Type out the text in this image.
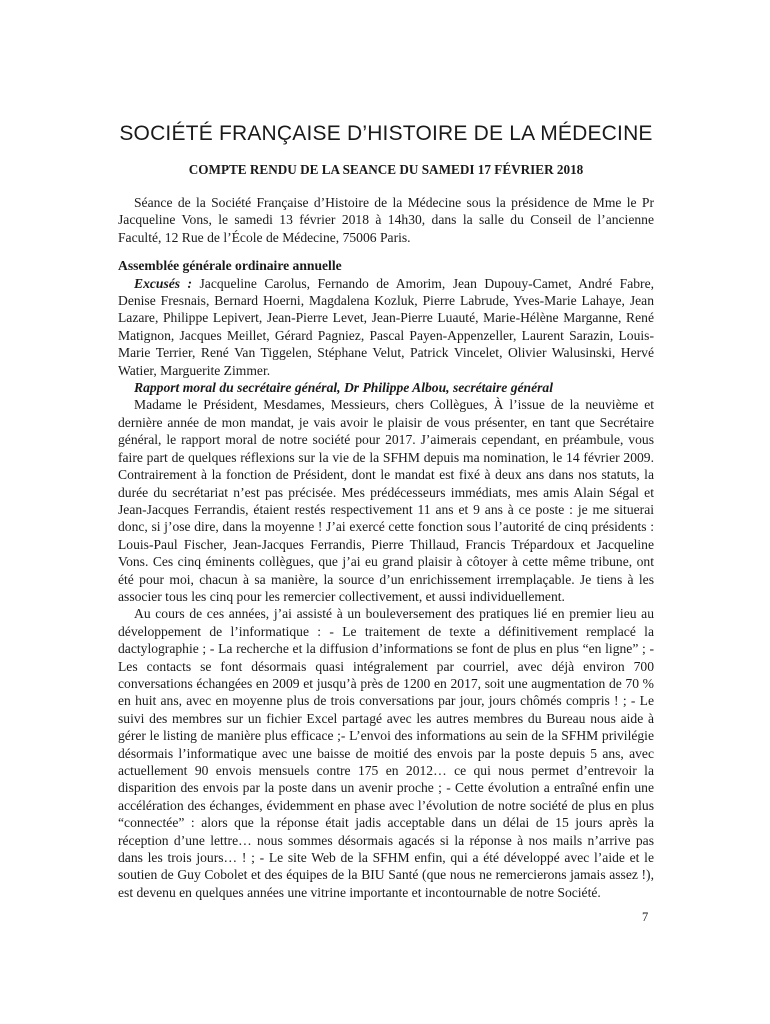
SOCIÉTÉ FRANÇAISE D’HISTOIRE DE LA MÉDECINE
COMPTE RENDU DE LA SEANCE DU SAMEDI 17 FÉVRIER 2018

Séance de la Société Française d’Histoire de la Médecine sous la présidence de Mme le Pr Jacqueline Vons, le samedi 13 février 2018 à 14h30, dans la salle du Conseil de l’ancienne Faculté, 12 Rue de l’École de Médecine, 75006 Paris.

Assemblée générale ordinaire annuelle

Excusés : Jacqueline Carolus, Fernando de Amorim, Jean Dupouy-Camet, André Fabre, Denise Fresnais, Bernard Hoerni, Magdalena Kozluk, Pierre Labrude, Yves-Marie Lahaye, Jean Lazare, Philippe Lepivert, Jean-Pierre Levet, Jean-Pierre Luauté, Marie-Hélène Marganne, René Matignon, Jacques Meillet, Gérard Pagniez, Pascal Payen-Appenzeller, Laurent Sarazin, Louis-Marie Terrier, René Van Tiggelen, Stéphane Velut, Patrick Vincelet, Olivier Walusinski, Hervé Watier, Marguerite Zimmer.

Rapport moral du secrétaire général, Dr Philippe Albou, secrétaire général

Madame le Président, Mesdames, Messieurs, chers Collègues, À l’issue de la neuvième et dernière année de mon mandat, je vais avoir le plaisir de vous présenter, en tant que Secrétaire général, le rapport moral de notre société pour 2017. J’aimerais cependant, en préambule, vous faire part de quelques réflexions sur la vie de la SFHM depuis ma nomination, le 14 février 2009. Contrairement à la fonction de Président, dont le mandat est fixé à deux ans dans nos statuts, la durée du secrétariat n’est pas précisée. Mes prédécesseurs immédiats, mes amis Alain Ségal et Jean-Jacques Ferrandis, étaient restés respectivement 11 ans et 9 ans à ce poste : je me situerai donc, si j’ose dire, dans la moyenne ! J’ai exercé cette fonction sous l’autorité de cinq présidents : Louis-Paul Fischer, Jean-Jacques Ferrandis, Pierre Thillaud, Francis Trépardoux et Jacqueline Vons. Ces cinq éminents collègues, que j’ai eu grand plaisir à côtoyer à cette même tribune, ont été pour moi, chacun à sa manière, la source d’un enrichissement irremplaçable. Je tiens à les associer tous les cinq pour les remercier collectivement, et aussi individuellement.

Au cours de ces années, j’ai assisté à un bouleversement des pratiques lié en premier lieu au développement de l’informatique : - Le traitement de texte a définitivement remplacé la dactylographie ; - La recherche et la diffusion d’informations se font de plus en plus “en ligne” ; - Les contacts se font désormais quasi intégralement par courriel, avec déjà environ 700 conversations échangées en 2009 et jusqu’à près de 1200 en 2017, soit une augmentation de 70 % en huit ans, avec en moyenne plus de trois conversations par jour, jours chômés compris ! ; - Le suivi des membres sur un fichier Excel partagé avec les autres membres du Bureau nous aide à gérer le listing de manière plus efficace ;- L’envoi des informations au sein de la SFHM privilégie désormais l’informatique avec une baisse de moitié des envois par la poste depuis 5 ans, avec actuellement 90 envois mensuels contre 175 en 2012… ce qui nous permet d’entrevoir la disparition des envois par la poste dans un avenir proche ; - Cette évolution a entraîné enfin une accélération des échanges, évidemment en phase avec l’évolution de notre société de plus en plus “connectée” : alors que la réponse était jadis acceptable dans un délai de 15 jours après la réception d’une lettre… nous sommes désormais agacés si la réponse à nos mails n’arrive pas dans les trois jours… ! ; - Le site Web de la SFHM enfin, qui a été développé avec l’aide et le soutien de Guy Cobolet et des équipes de la BIU Santé (que nous ne remercierons jamais assez !), est devenu en quelques années une vitrine importante et incontournable de notre Société.

7
